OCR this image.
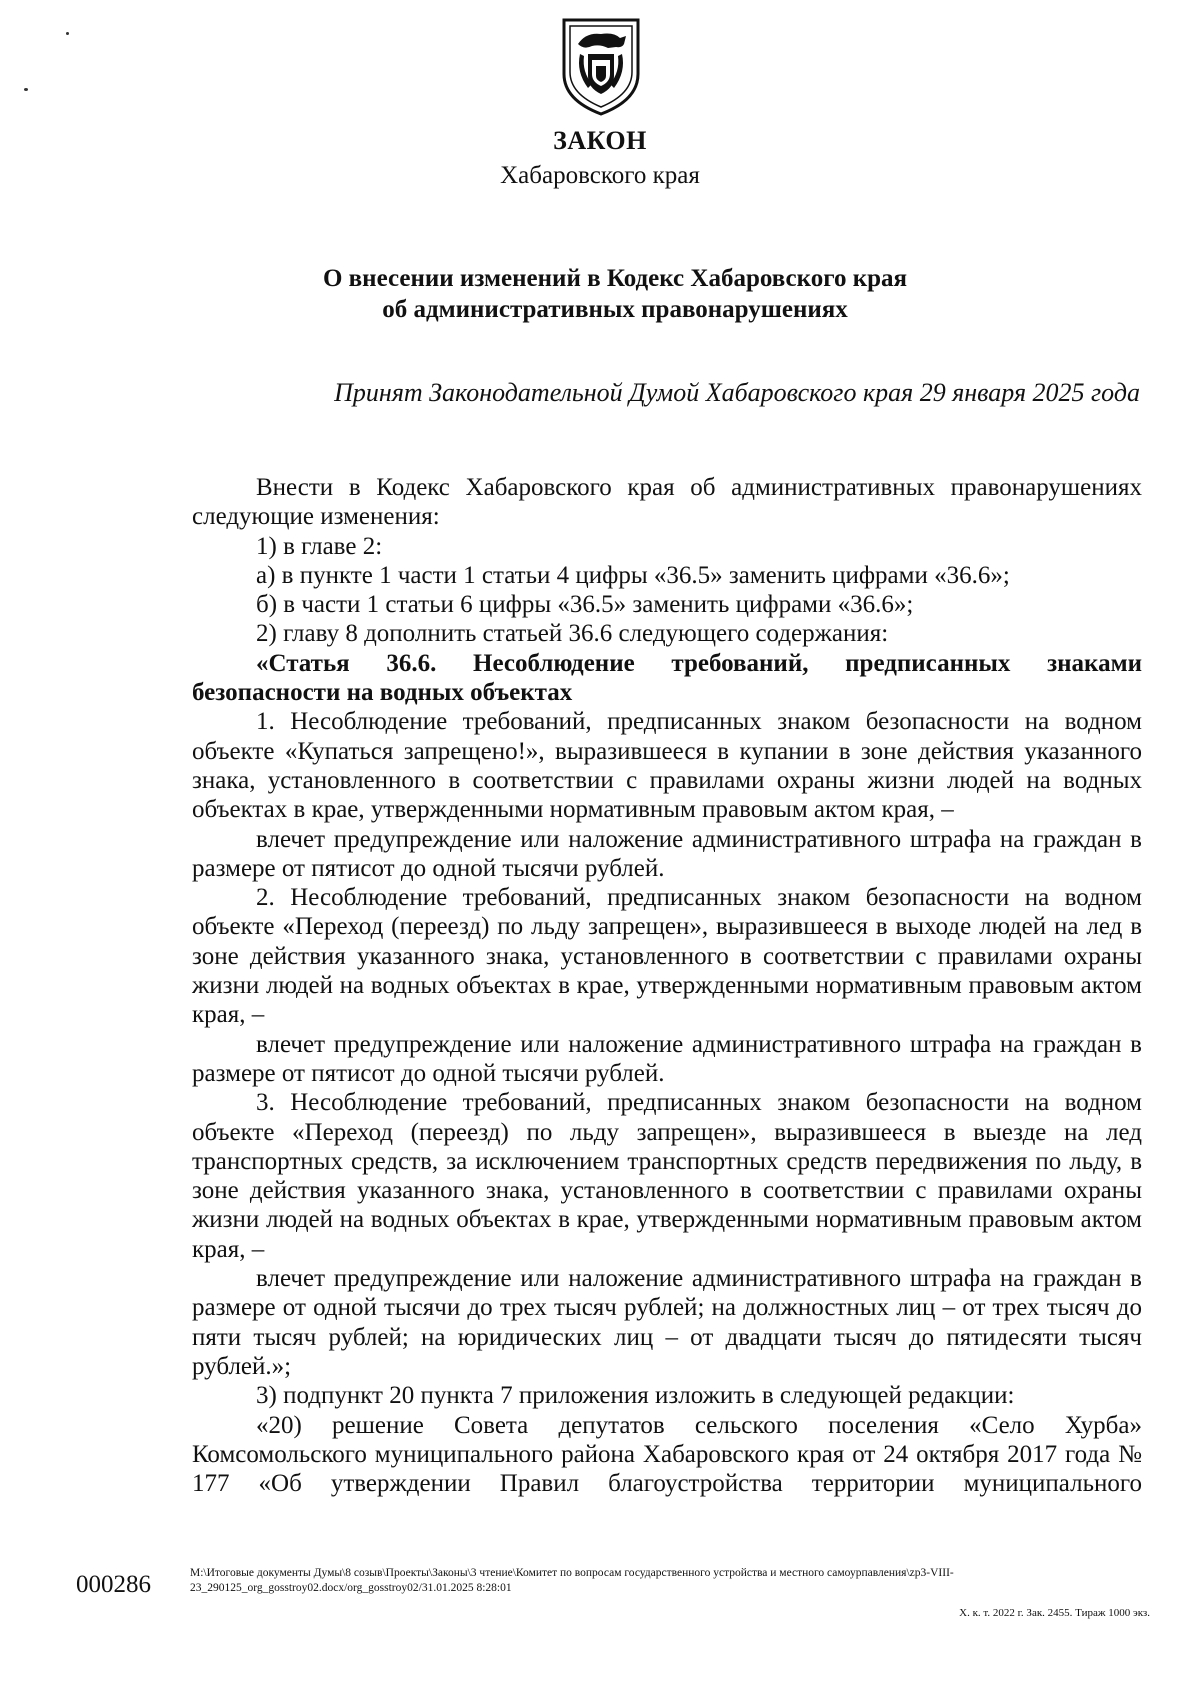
ЗАКОН
Хабаровского края
О внесении изменений в Кодекс Хабаровского края
об административных правонарушениях
Принят Законодательной Думой Хабаровского края 29 января 2025 года

Внести в Кодекс Хабаровского края об административных правонарушениях

следующие изменения:

1) в главе 2:

а) в пункте 1 части 1 статьи 4 цифры «36.5» заменить цифрами «36.6»;

б) в части 1 статьи 6 цифры «36.5» заменить цифрами «36.6»;

2) главу 8 дополнить статьей 36.6 следующего содержания:

«Статья 36.6. Несоблюдение требований, предписанных знаками безопасности на водных объектах

1. Несоблюдение требований, предписанных знаком безопасности на водном объекте «Купаться запрещено!», выразившееся в купании в зоне действия указанного знака, установленного в соответствии с правилами охраны жизни людей на водных объектах в крае, утвержденными нормативным правовым актом края, –

влечет предупреждение или наложение административного штрафа на граждан в размере от пятисот до одной тысячи рублей.

2. Несоблюдение требований, предписанных знаком безопасности на водном объекте «Переход (переезд) по льду запрещен», выразившееся в выходе людей на лед в зоне действия указанного знака, установленного в соответствии с правилами охраны жизни людей на водных объектах в крае, утвержденными нормативным правовым актом края, –

влечет предупреждение или наложение административного штрафа на граждан в размере от пятисот до одной тысячи рублей.

3. Несоблюдение требований, предписанных знаком безопасности на водном объекте «Переход (переезд) по льду запрещен», выразившееся в выезде на лед транспортных средств, за исключением транспортных средств передвижения по льду, в зоне действия указанного знака, установленного в соответствии с правилами охраны жизни людей на водных объектах в крае, утвержденными нормативным правовым актом края, –

влечет предупреждение или наложение административного штрафа на граждан в размере от одной тысячи до трех тысяч рублей; на должностных лиц – от трех тысяч до пяти тысяч рублей; на юридических лиц – от двадцати тысяч до пятидесяти тысяч рублей.»;

3) подпункт 20 пункта 7 приложения изложить в следующей редакции:

«20) решение Совета депутатов сельского поселения «Село Хурба» Комсомольского муниципального района Хабаровского края от 24 октября 2017 года № 177 «Об утверждении Правил благоустройства территории муниципального

000286	M:\Итоговые документы Думы\8 созыв\Проекты\Законы\3 чтение\Комитет по вопросам государственного устройства и местного самоурпавления\zp3-VIII-
23_290125_org_gosstroy02.docx/org_gosstroy02/31.01.2025 8:28:01
Х. к. т. 2022 г. Зак. 2455. Тираж 1000 экз.
